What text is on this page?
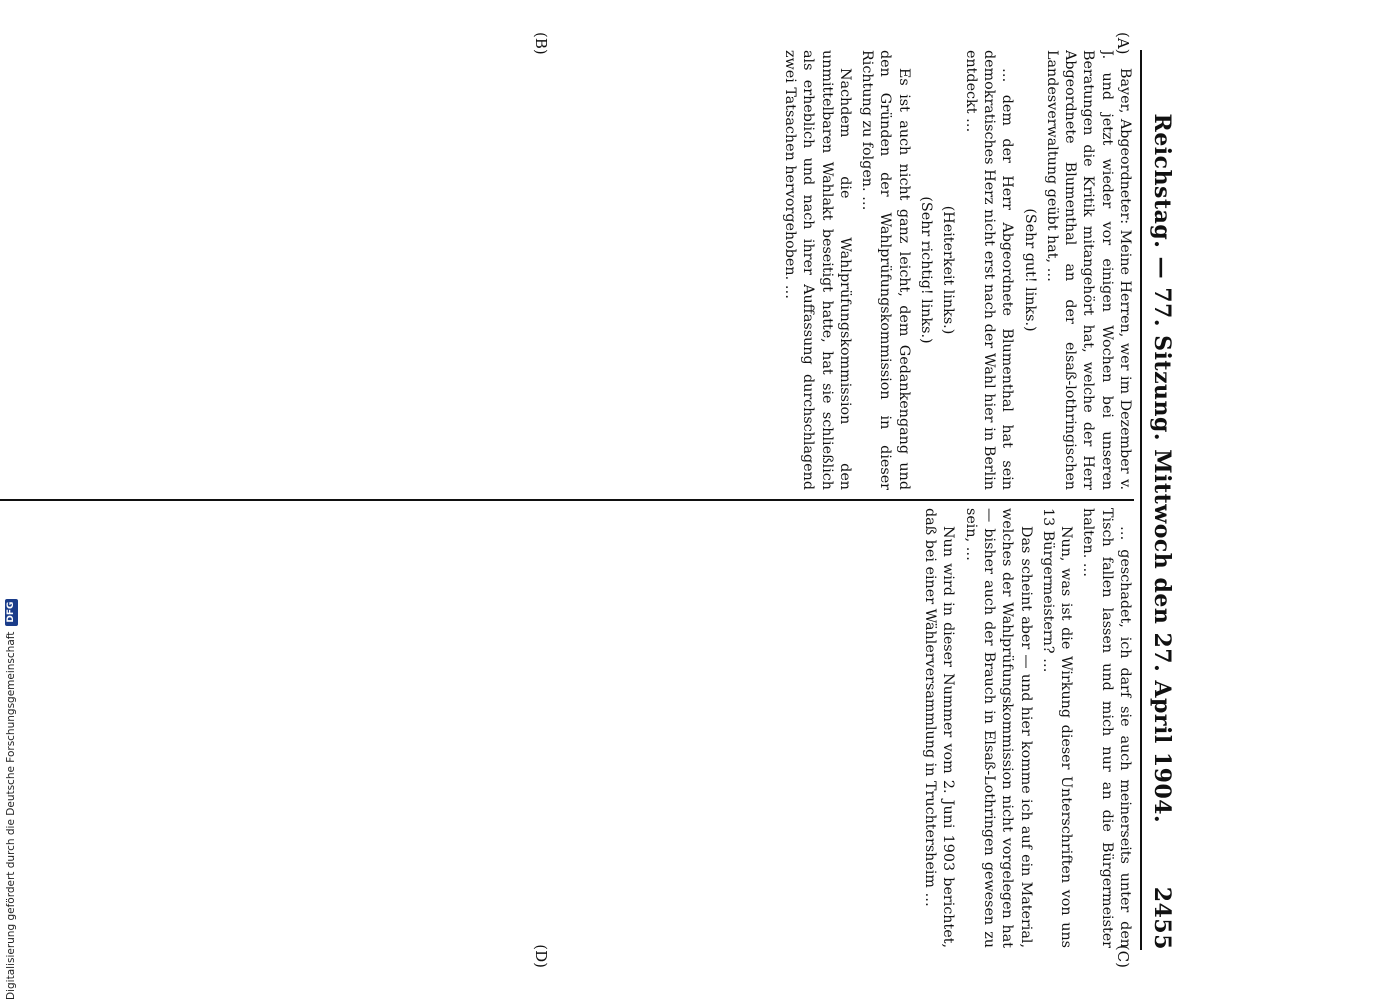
Reichstag. — 77. Sitzung. Mittwoch den 27. April 1904.
2455
(A)
(B)
(C)
(D)

Bayer, Abgeordneter: Meine Herren, wer im Dezember v. J. und jetzt wieder vor einigen Wochen bei unseren Beratungen die Kritik mitangehört hat, welche der Herr Abgeordnete Blumenthal an der elsaß-lothringischen Landesverwaltung geübt hat, …

(Sehr gut! links.)

… dem der Herr Abgeordnete Blumenthal hat sein demokratisches Herz nicht erst nach der Wahl hier in Berlin entdeckt …

(Heiterkeit links.)

(Sehr richtig! links.)

Es ist auch nicht ganz leicht, dem Gedankengang und den Gründen der Wahlprüfungskommission in dieser Richtung zu folgen. …

Nachdem die Wahlprüfungskommission den unmittelbaren Wahlakt beseitigt hatte, hat sie schließlich als erheblich und nach ihrer Auffassung durchschlagend zwei Tatsachen hervorgehoben. …

… geschadet, ich darf sie auch meinerseits unter den Tisch fallen lassen und mich nur an die Bürgermeister halten. …

Nun, was ist die Wirkung dieser Unterschriften von uns 13 Bürgermeistern? …

Das scheint aber — und hier komme ich auf ein Material, welches der Wahlprüfungskommission nicht vorgelegen hat — bisher auch der Brauch in Elsaß-Lothringen gewesen zu sein, …

Nun wird in dieser Nummer vom 2. Juni 1903 berichtet, daß bei einer Wählerversammlung in Truchtersheim …

Digitalisierung gefördert durch die Deutsche Forschungsgemeinschaft
DFG
